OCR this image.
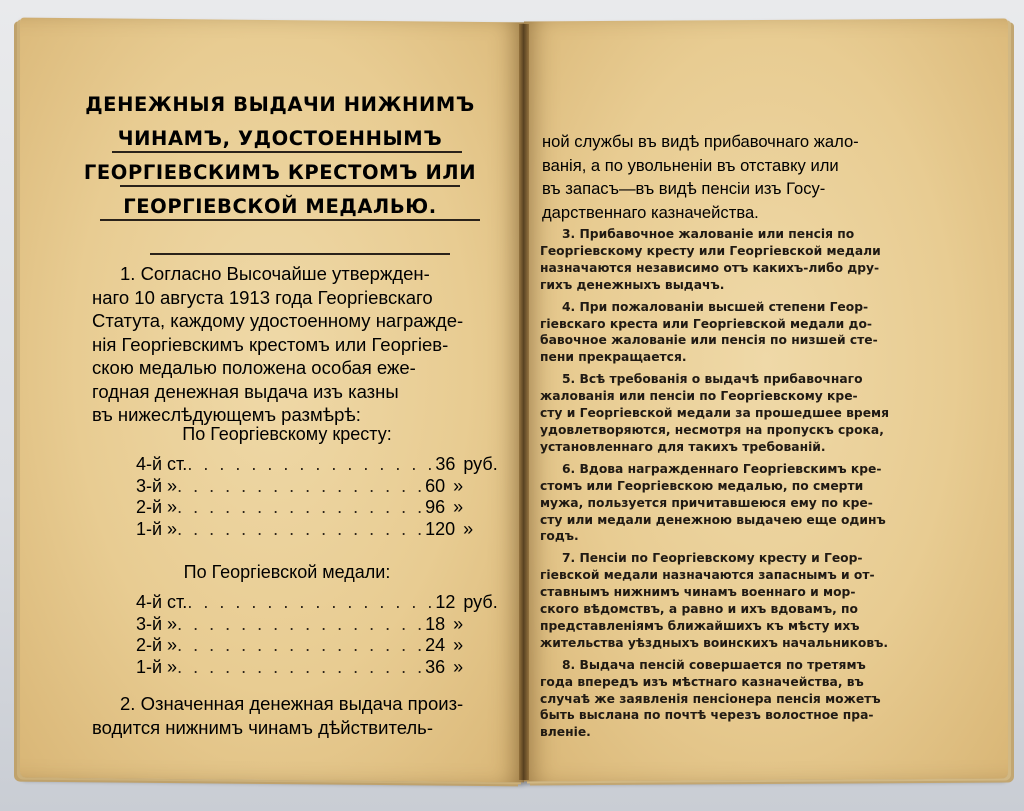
ДЕНЕЖНЫЯ ВЫДАЧИ НИЖНИМЪ
ЧИНАМЪ, УДОСТОЕННЫМЪ
ГЕОРГІЕВСКИМЪ КРЕСТОМЪ ИЛИ
ГЕОРГІЕВСКОЙ МЕДАЛЬЮ.
1. Согласно Высочайше утвержден-
наго 10 августа 1913 года Георгіевскаго
Статута, каждому удостоенному награжде-
нія Георгіевскимъ крестомъ или Георгіев-
скою медалью положена особая еже-
годная денежная выдача изъ казны
въ нижеслѣдующемъ размѣрѣ:
По Георгіевскому кресту:
4-й ст. . . . . . . . . . . . . . . . . 36 руб.
3-й » . . . . . . . . . . . . . . . . 60 »
2-й » . . . . . . . . . . . . . . . . 96 »
1-й » . . . . . . . . . . . . . . . . 120 »
По Георгіевской медали:
4-й ст. . . . . . . . . . . . . . . . . 12 руб.
3-й » . . . . . . . . . . . . . . . . 18 »
2-й » . . . . . . . . . . . . . . . . 24 »
1-й » . . . . . . . . . . . . . . . . 36 »
2. Означенная денежная выдача произ-
водится нижнимъ чинамъ дѣйствитель-
ной службы въ видѣ прибавочнаго жало-
ванія, а по увольненіи въ отставку или
въ запасъ—въ видѣ пенсіи изъ Госу-
дарственнаго казначейства.
3. Прибавочное жалованіе или пенсія по
Георгіевскому кресту или Георгіевской медали
назначаются независимо отъ какихъ-либо дру-
гихъ денежныхъ выдачъ.
4. При пожалованіи высшей степени Геор-
гіевскаго креста или Георгіевской медали до-
бавочное жалованіе или пенсія по низшей сте-
пени прекращается.
5. Всѣ требованія о выдачѣ прибавочнаго
жалованія или пенсіи по Георгіевскому кре-
сту и Георгіевской медали за прошедшее время
удовлетворяются, несмотря на пропускъ срока,
установленнаго для такихъ требованій.
6. Вдова награжденнаго Георгіевскимъ кре-
стомъ или Георгіевскою медалью, по смерти
мужа, пользуется причитавшеюся ему по кре-
сту или медали денежною выдачею еще одинъ
годъ.
7. Пенсіи по Георгіевскому кресту и Геор-
гіевской медали назначаются запаснымъ и от-
ставнымъ нижнимъ чинамъ военнаго и мор-
ского вѣдомствъ, а равно и ихъ вдовамъ, по
представленіямъ ближайшихъ къ мѣсту ихъ
жительства уѣздныхъ воинскихъ начальниковъ.
8. Выдача пенсій совершается по третямъ
года впередъ изъ мѣстнаго казначейства, въ
случаѣ же заявленія пенсіонера пенсія можетъ
быть выслана по почтѣ черезъ волостное пра-
вленіе.
